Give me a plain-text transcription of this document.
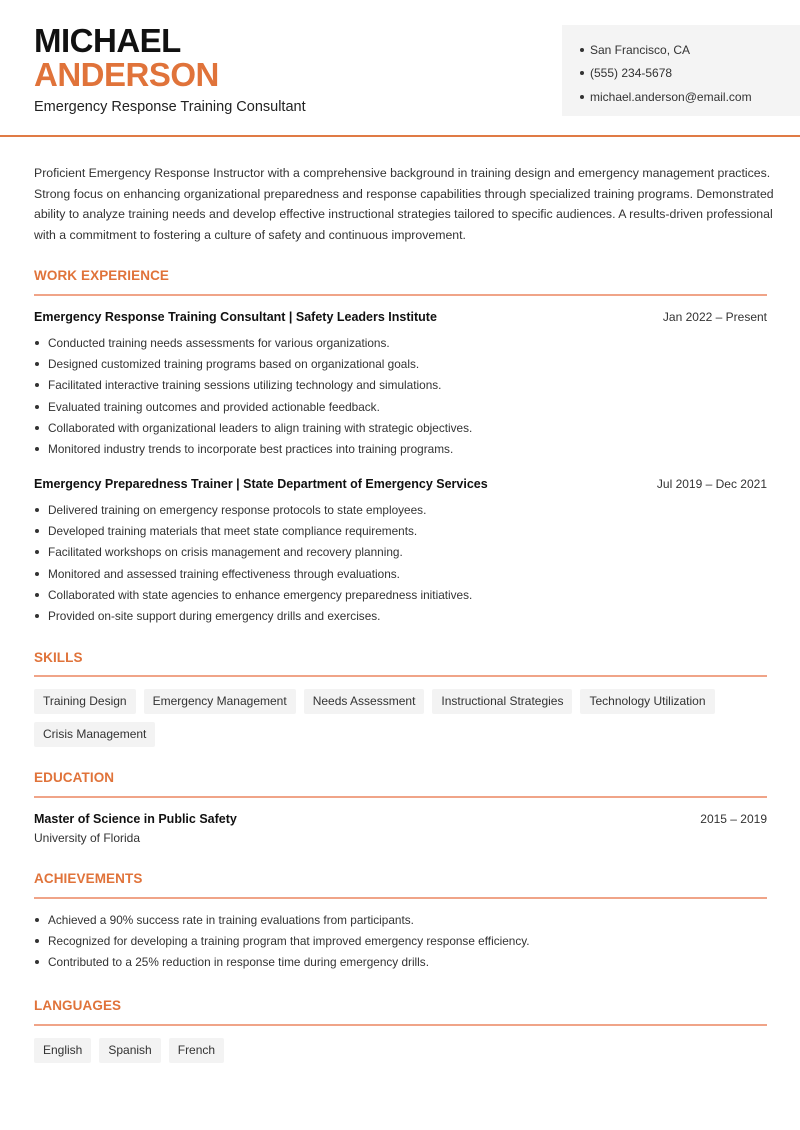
MICHAEL
ANDERSON
Emergency Response Training Consultant
San Francisco, CA
(555) 234-5678
michael.anderson@email.com

Proficient Emergency Response Instructor with a comprehensive background in training design and emergency management practices. Strong focus on enhancing organizational preparedness and response capabilities through specialized training programs. Demonstrated ability to analyze training needs and develop effective instructional strategies tailored to specific audiences. A results-driven professional with a commitment to fostering a culture of safety and continuous improvement.

WORK EXPERIENCE
Emergency Response Training Consultant | Safety Leaders Institute	Jan 2022 – Present
Conducted training needs assessments for various organizations.
Designed customized training programs based on organizational goals.
Facilitated interactive training sessions utilizing technology and simulations.
Evaluated training outcomes and provided actionable feedback.
Collaborated with organizational leaders to align training with strategic objectives.
Monitored industry trends to incorporate best practices into training programs.
Emergency Preparedness Trainer | State Department of Emergency Services	Jul 2019 – Dec 2021
Delivered training on emergency response protocols to state employees.
Developed training materials that meet state compliance requirements.
Facilitated workshops on crisis management and recovery planning.
Monitored and assessed training effectiveness through evaluations.
Collaborated with state agencies to enhance emergency preparedness initiatives.
Provided on-site support during emergency drills and exercises.
SKILLS
Training Design	Emergency Management	Needs Assessment	Instructional Strategies	Technology Utilization
Crisis Management
EDUCATION
Master of Science in Public Safety	2015 – 2019
University of Florida
ACHIEVEMENTS
Achieved a 90% success rate in training evaluations from participants.
Recognized for developing a training program that improved emergency response efficiency.
Contributed to a 25% reduction in response time during emergency drills.
LANGUAGES
English	Spanish	French
